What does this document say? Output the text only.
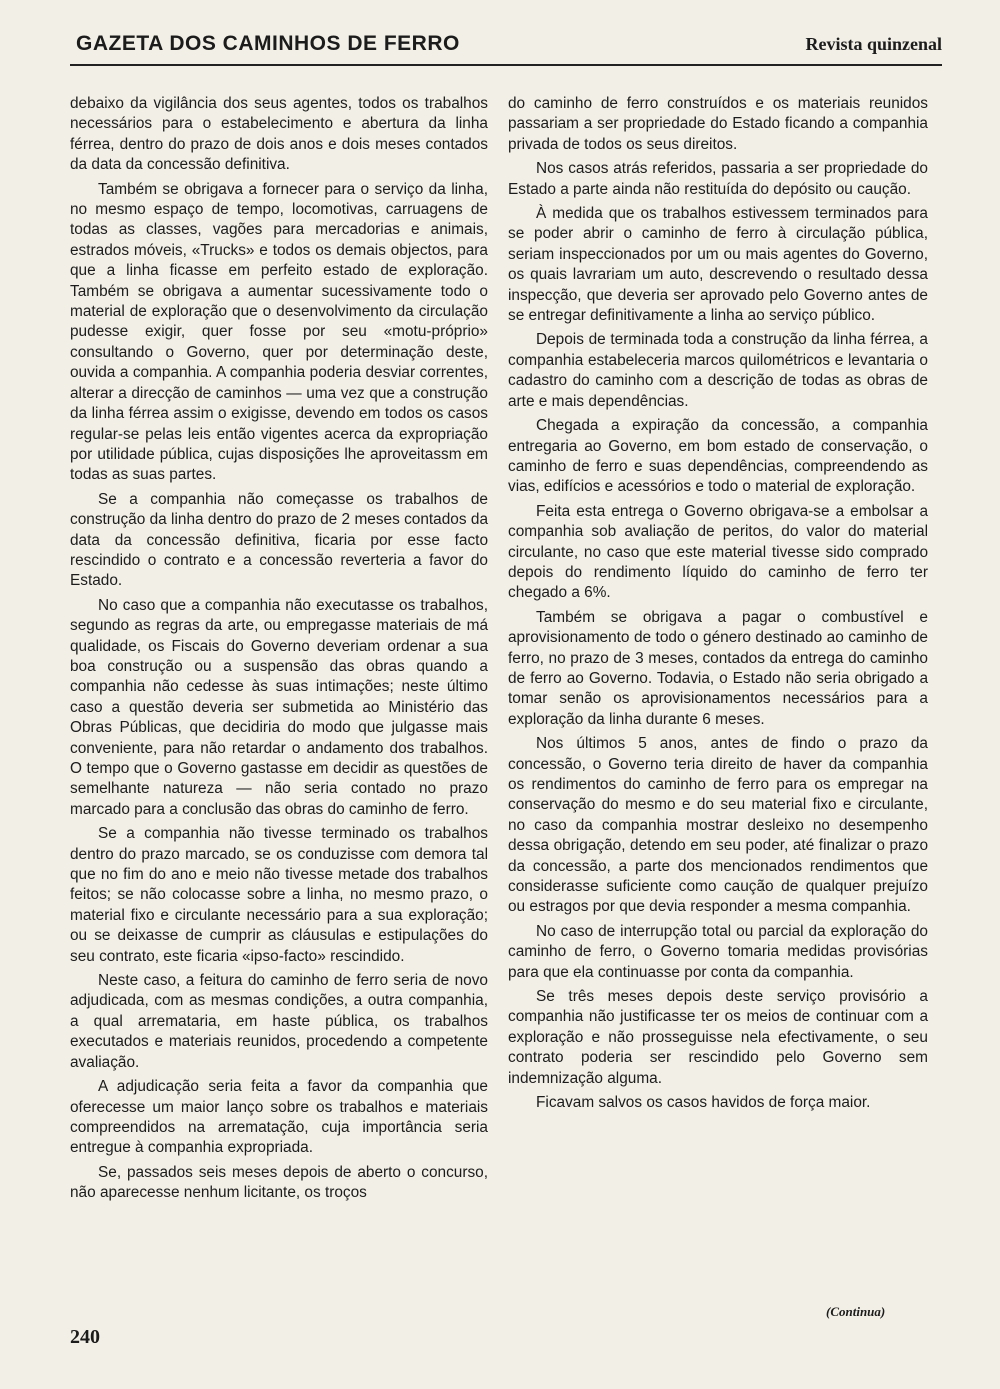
GAZETA DOS CAMINHOS DE FERRO	Revista quinzenal

debaixo da vigilância dos seus agentes, todos os trabalhos necessários para o estabelecimento e abertura da linha férrea, dentro do prazo de dois anos e dois meses contados da data da concessão definitiva.

Também se obrigava a fornecer para o serviço da linha, no mesmo espaço de tempo, locomotivas, carruagens de todas as classes, vagões para mercadorias e animais, estrados móveis, «Trucks» e todos os demais objectos, para que a linha ficasse em perfeito estado de exploração. Também se obrigava a aumentar sucessivamente todo o material de exploração que o desenvolvimento da circulação pudesse exigir, quer fosse por seu «motu-próprio» consultando o Governo, quer por determinação deste, ouvida a companhia. A companhia poderia desviar correntes, alterar a direcção de caminhos — uma vez que a construção da linha férrea assim o exigisse, devendo em todos os casos regular-se pelas leis então vigentes acerca da expropriação por utilidade pública, cujas disposições lhe aproveitassm em todas as suas partes.

Se a companhia não começasse os trabalhos de construção da linha dentro do prazo de 2 meses contados da data da concessão definitiva, ficaria por esse facto rescindido o contrato e a concessão reverteria a favor do Estado.

No caso que a companhia não executasse os trabalhos, segundo as regras da arte, ou empregasse materiais de má qualidade, os Fiscais do Governo deveriam ordenar a sua boa construção ou a suspensão das obras quando a companhia não cedesse às suas intimações; neste último caso a questão deveria ser submetida ao Ministério das Obras Públicas, que decidiria do modo que julgasse mais conveniente, para não retardar o andamento dos trabalhos. O tempo que o Governo gastasse em decidir as questões de semelhante natureza — não seria contado no prazo marcado para a conclusão das obras do caminho de ferro.

Se a companhia não tivesse terminado os trabalhos dentro do prazo marcado, se os conduzisse com demora tal que no fim do ano e meio não tivesse metade dos trabalhos feitos; se não colocasse sobre a linha, no mesmo prazo, o material fixo e circulante necessário para a sua exploração; ou se deixasse de cumprir as cláusulas e estipulações do seu contrato, este ficaria «ipso-facto» rescindido.

Neste caso, a feitura do caminho de ferro seria de novo adjudicada, com as mesmas condições, a outra companhia, a qual arremataria, em haste pública, os trabalhos executados e materiais reunidos, procedendo a competente avaliação.

A adjudicação seria feita a favor da companhia que oferecesse um maior lanço sobre os trabalhos e materiais compreendidos na arrematação, cuja importância seria entregue à companhia expropriada.

Se, passados seis meses depois de aberto o concurso, não aparecesse nenhum licitante, os troços

do caminho de ferro construídos e os materiais reunidos passariam a ser propriedade do Estado ficando a companhia privada de todos os seus direitos.

Nos casos atrás referidos, passaria a ser propriedade do Estado a parte ainda não restituída do depósito ou caução.

À medida que os trabalhos estivessem terminados para se poder abrir o caminho de ferro à circulação pública, seriam inspeccionados por um ou mais agentes do Governo, os quais lavrariam um auto, descrevendo o resultado dessa inspecção, que deveria ser aprovado pelo Governo antes de se entregar definitivamente a linha ao serviço público.

Depois de terminada toda a construção da linha férrea, a companhia estabeleceria marcos quilométricos e levantaria o cadastro do caminho com a descrição de todas as obras de arte e mais dependências.

Chegada a expiração da concessão, a companhia entregaria ao Governo, em bom estado de conservação, o caminho de ferro e suas dependências, compreendendo as vias, edifícios e acessórios e todo o material de exploração.

Feita esta entrega o Governo obrigava-se a embolsar a companhia sob avaliação de peritos, do valor do material circulante, no caso que este material tivesse sido comprado depois do rendimento líquido do caminho de ferro ter chegado a 6%.

Também se obrigava a pagar o combustível e aprovisionamento de todo o género destinado ao caminho de ferro, no prazo de 3 meses, contados da entrega do caminho de ferro ao Governo. Todavia, o Estado não seria obrigado a tomar senão os aprovisionamentos necessários para a exploração da linha durante 6 meses.

Nos últimos 5 anos, antes de findo o prazo da concessão, o Governo teria direito de haver da companhia os rendimentos do caminho de ferro para os empregar na conservação do mesmo e do seu material fixo e circulante, no caso da companhia mostrar desleixo no desempenho dessa obrigação, detendo em seu poder, até finalizar o prazo da concessão, a parte dos mencionados rendimentos que considerasse suficiente como caução de qualquer prejuízo ou estragos por que devia responder a mesma companhia.

No caso de interrupção total ou parcial da exploração do caminho de ferro, o Governo tomaria medidas provisórias para que ela continuasse por conta da companhia.

Se três meses depois deste serviço provisório a companhia não justificasse ter os meios de continuar com a exploração e não prosseguisse nela efectivamente, o seu contrato poderia ser rescindido pelo Governo sem indemnização alguma.

Ficavam salvos os casos havidos de força maior.

(Continua)
240
